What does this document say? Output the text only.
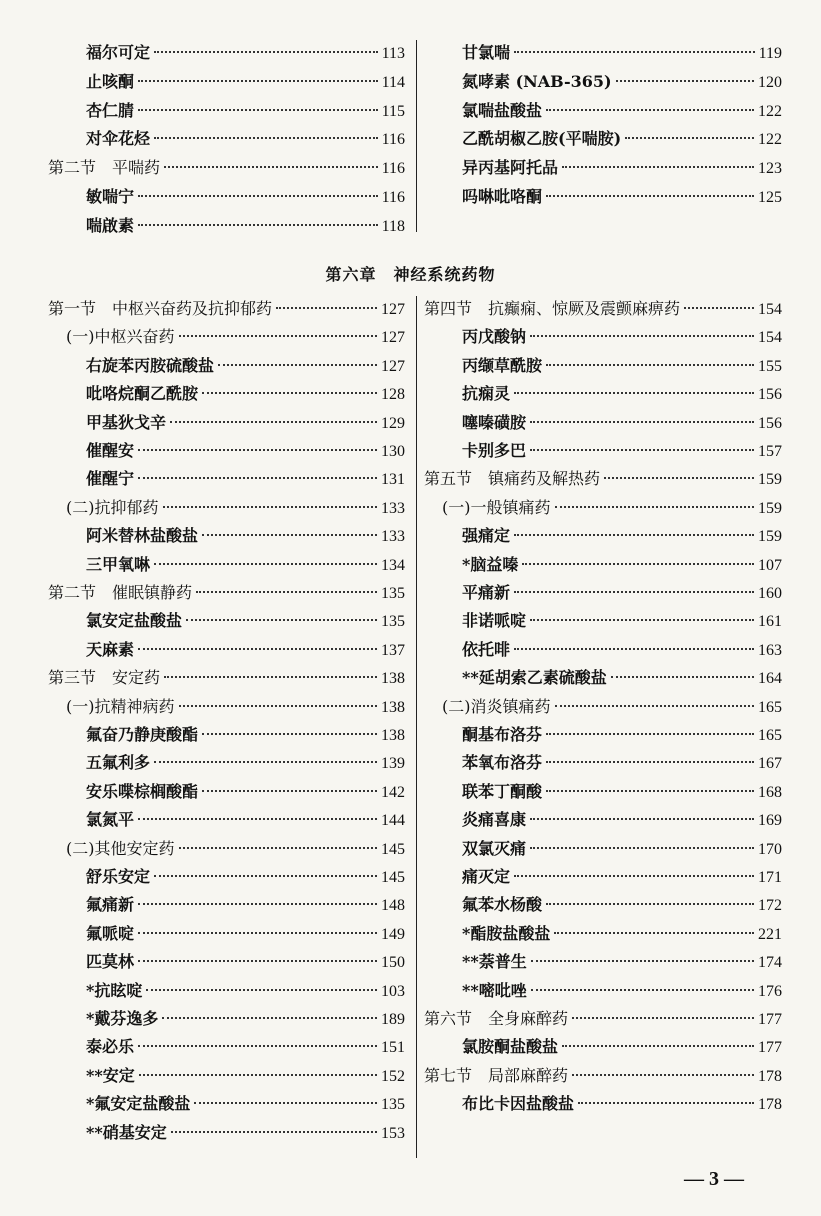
福尔可定	113
止咳酮	114
杏仁腈	115
对伞花烃	116
第二节　平喘药	116
敏喘宁	116
喘啟素	118
甘氯喘	119
氮哮素 (NAB-365)	120
氯喘盐酸盐	122
乙酰胡椒乙胺(平喘胺)	122
异丙基阿托品	123
吗啉吡咯酮	125
第六章　神经系统药物
第一节　中枢兴奋药及抗抑郁药	127
(一)中枢兴奋药	127
右旋苯丙胺硫酸盐	127
吡咯烷酮乙酰胺	128
甲基狄戈辛	129
催醒安	130
催醒宁	131
(二)抗抑郁药	133
阿米替林盐酸盐	133
三甲氧啉	134
第二节　催眠镇静药	135
氯安定盐酸盐	135
天麻素	137
第三节　安定药	138
(一)抗精神病药	138
氟奋乃静庚酸酯	138
五氟利多	139
安乐喋棕榈酸酯	142
氯氮平	144
(二)其他安定药	145
舒乐安定	145
氟痛新	148
氟哌啶	149
匹莫林	150
*抗眩啶	103
*戴芬逸多	189
泰必乐	151
**安定	152
*氟安定盐酸盐	135
**硝基安定	153
第四节　抗癫痫、惊厥及震颤麻痹药	154
丙戊酸钠	154
丙缬草酰胺	155
抗痫灵	156
噻嗪磺胺	156
卡别多巴	157
第五节　镇痛药及解热药	159
(一)一般镇痛药	159
强痛定	159
*脑益嗪	107
平痛新	160
非诺哌啶	161
依托啡	163
**延胡索乙素硫酸盐	164
(二)消炎镇痛药	165
酮基布洛芬	165
苯氧布洛芬	167
联苯丁酮酸	168
炎痛喜康	169
双氯灭痛	170
痛灭定	171
氟苯水杨酸	172
*酯胺盐酸盐	221
**萘普生	174
**嘧吡唑	176
第六节　全身麻醉药	177
氯胺酮盐酸盐	177
第七节　局部麻醉药	178
布比卡因盐酸盐	178
— 3 —
